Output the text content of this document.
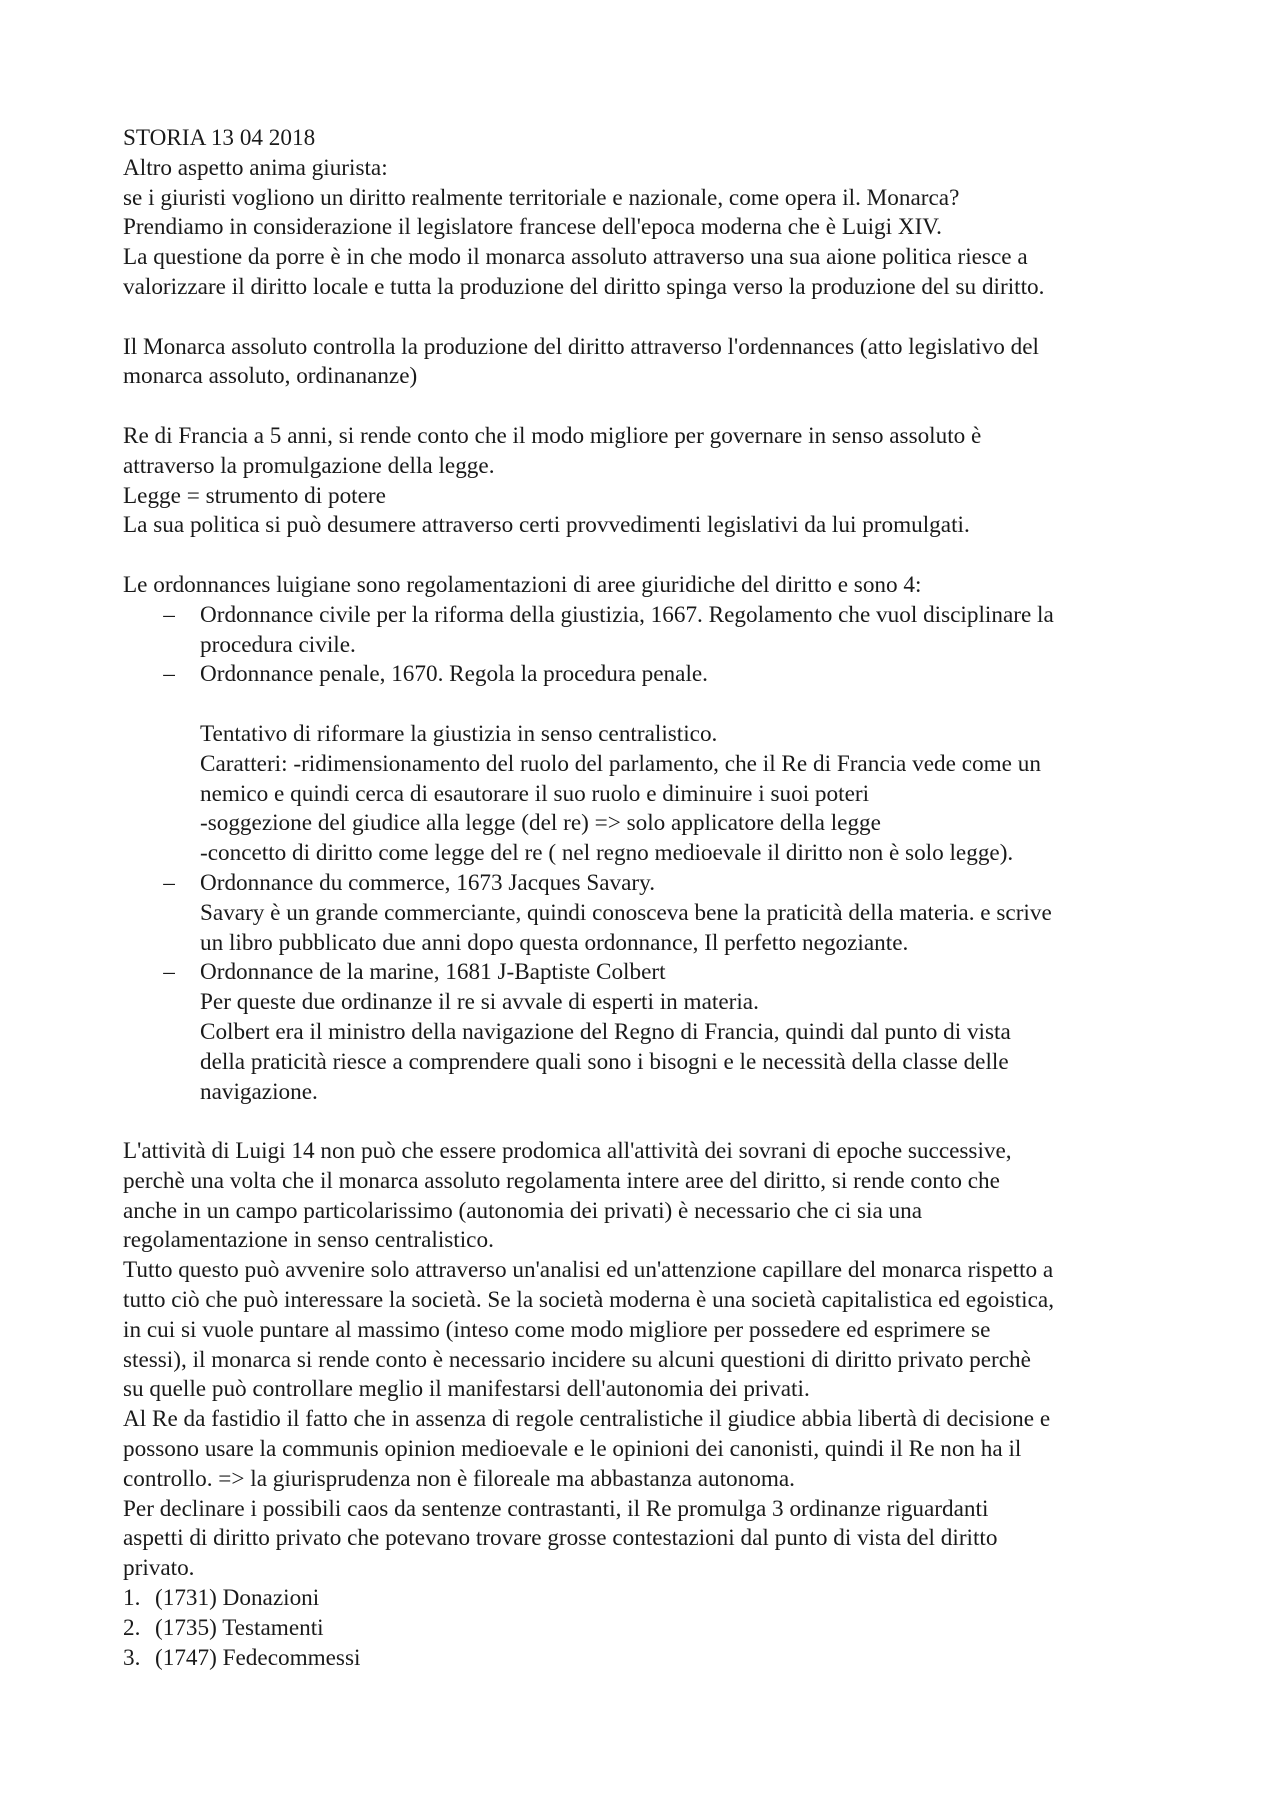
STORIA 13 04 2018
Altro aspetto anima giurista:
se i giuristi vogliono un diritto realmente territoriale e nazionale, come opera il. Monarca?
Prendiamo in considerazione il legislatore francese dell'epoca moderna che è Luigi XIV.
La questione da porre è in che modo il monarca assoluto attraverso una sua aione politica riesce a
valorizzare il diritto locale e tutta la produzione del diritto spinga verso la produzione del su diritto.
Il Monarca assoluto controlla la produzione del diritto attraverso l'ordennances (atto legislativo del
monarca assoluto, ordinananze)
Re di Francia a 5 anni, si rende conto che il modo migliore per governare in senso assoluto è
attraverso la promulgazione della legge.
Legge = strumento di potere
La sua politica si può desumere attraverso certi provvedimenti legislativi da lui promulgati.
Le ordonnances luigiane sono regolamentazioni di aree giuridiche del diritto e sono 4:
– Ordonnance civile per la riforma della giustizia, 1667. Regolamento che vuol disciplinare la
procedura civile.
– Ordonnance penale, 1670. Regola la procedura penale.
Tentativo di riformare la giustizia in senso centralistico.
Caratteri: -ridimensionamento del ruolo del parlamento, che il Re di Francia vede come un
nemico e quindi cerca di esautorare il suo ruolo e diminuire i suoi poteri
-soggezione del giudice alla legge (del re) => solo applicatore della legge
-concetto di diritto come legge del re ( nel regno medioevale il diritto non è solo legge).
– Ordonnance du commerce, 1673 Jacques Savary.
Savary è un grande commerciante, quindi conosceva bene la praticità della materia. e scrive
un libro pubblicato due anni dopo questa ordonnance, Il perfetto negoziante.
– Ordonnance de la marine, 1681 J-Baptiste Colbert
Per queste due ordinanze il re si avvale di esperti in materia.
Colbert era il ministro della navigazione del Regno di Francia, quindi dal punto di vista
della praticità riesce a comprendere quali sono i bisogni e le necessità della classe delle
navigazione.
L'attività di Luigi 14 non può che essere prodomica all'attività dei sovrani di epoche successive,
perchè una volta che il monarca assoluto regolamenta intere aree del diritto, si rende conto che
anche in un campo particolarissimo (autonomia dei privati) è necessario che ci sia una
regolamentazione in senso centralistico.
Tutto questo può avvenire solo attraverso un'analisi ed un'attenzione capillare del monarca rispetto a
tutto ciò che può interessare la società. Se la società moderna è una società capitalistica ed egoistica,
in cui si vuole puntare al massimo (inteso come modo migliore per possedere ed esprimere se
stessi), il monarca si rende conto è necessario incidere su alcuni questioni di diritto privato perchè
su quelle può controllare meglio il manifestarsi dell'autonomia dei privati.
Al Re da fastidio il fatto che in assenza di regole centralistiche il giudice abbia libertà di decisione e
possono usare la communis opinion medioevale e le opinioni dei canonisti, quindi il Re non ha il
controllo. => la giurisprudenza non è filoreale ma abbastanza autonoma.
Per declinare i possibili caos da sentenze contrastanti, il Re promulga 3 ordinanze riguardanti
aspetti di diritto privato che potevano trovare grosse contestazioni dal punto di vista del diritto
privato.
1. (1731) Donazioni
2. (1735) Testamenti
3. (1747) Fedecommessi
